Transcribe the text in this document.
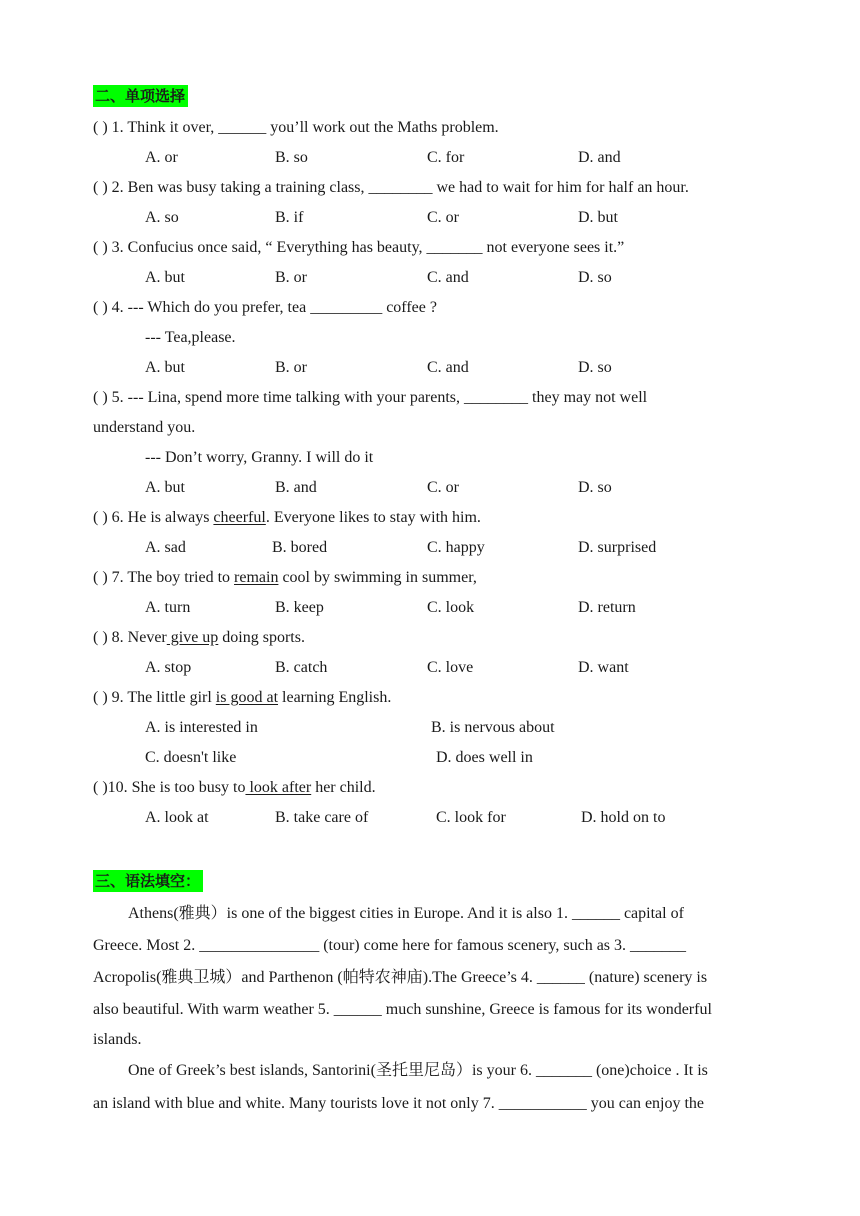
二、单项选择
( ) 1. Think it over, ______ you’ll work out the Maths problem.
A. or	B. so	C. for	D. and
( ) 2. Ben was busy taking a training class, ________ we had to wait for him for half an hour.
A. so	B. if	C. or	D. but
( ) 3. Confucius once said, “ Everything has beauty, _______ not everyone sees it.”
A. but	B. or	C. and	D. so
( ) 4. --- Which do you prefer, tea _________ coffee ?
--- Tea,please.
A. but	B. or	C. and	D. so
( ) 5. --- Lina, spend more time talking with your parents, ________ they may not well
understand you.
--- Don’t worry, Granny. I will do it
A. but	B. and	C. or	D. so
( ) 6. He is always cheerful. Everyone likes to stay with him.
A. sad	B. bored	C. happy	D. surprised
( ) 7. The boy tried to remain cool by swimming in summer,
A. turn	B. keep	C. look	D. return
( ) 8. Never give up doing sports.
A. stop	B. catch	C. love	D. want
( ) 9. The little girl is good at learning English.
A. is interested in	B. is nervous about
C. doesn't like	D. does well in
( )10. She is too busy to look after her child.
A. look at	B. take care of	C. look for	D. hold on to
三、语法填空：
Athens(雅典）is one of the biggest cities in Europe. And it is also 1. ______ capital of
Greece. Most 2. _______________ (tour) come here for famous scenery, such as 3. _______
Acropolis(雅典卫城）and Parthenon (帕特农神庙).The Greece’s 4. ______ (nature) scenery is
also beautiful. With warm weather 5. ______ much sunshine, Greece is famous for its wonderful
islands.
One of Greek’s best islands, Santorini(圣托里尼岛）is your 6. _______ (one)choice . It is
an island with blue and white. Many tourists love it not only 7. ___________ you can enjoy the
